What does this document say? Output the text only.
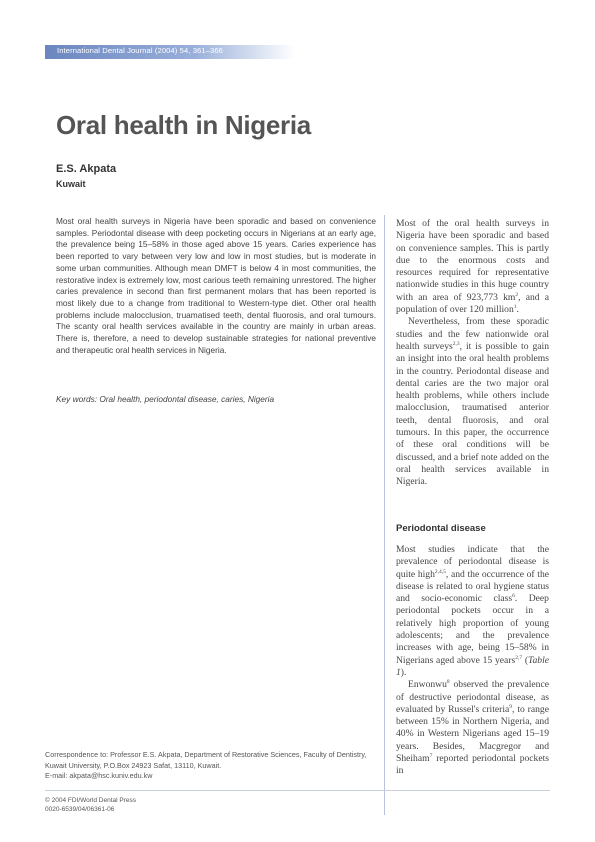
International Dental Journal (2004) 54, 361–366
Oral health in Nigeria
E.S. Akpata
Kuwait

Most oral health surveys in Nigeria have been sporadic and based on convenience samples. Periodontal disease with deep pocketing occurs in Nigerians at an early age, the prevalence being 15–58% in those aged above 15 years. Caries experience has been reported to vary between very low and low in most studies, but is moderate in some urban communities. Although mean DMFT is below 4 in most communities, the restorative index is extremely low, most carious teeth remaining unrestored. The higher caries prevalence in second than first permanent molars that has been reported is most likely due to a change from traditional to Western-type diet. Other oral health problems include malocclusion, truamatised teeth, dental fluorosis, and oral tumours. The scanty oral health services available in the country are mainly in urban areas. There is, therefore, a need to develop sustainable strategies for national preventive and therapeutic oral health services in Nigeria.

Key words: Oral health, periodontal disease, caries, Nigeria

Most of the oral health surveys in Nigeria have been sporadic and based on convenience samples. This is partly due to the enormous costs and resources required for representative nationwide studies in this huge country with an area of 923,773 $km^2$, and a population of over 120 million$^1$.

Nevertheless, from these sporadic studies and the few nationwide oral health surveys$^{2,3}$, it is possible to gain an insight into the oral health problems in the country. Periodontal disease and dental caries are the two major oral health problems, while others include malocclusion, traumatised anterior teeth, dental fluorosis, and oral tumours. In this paper, the occurrence of these oral conditions will be discussed, and a brief note added on the oral health services available in Nigeria.

Periodontal disease

Most studies indicate that the prevalence of periodontal disease is quite high$^{2,4,5}$, and the occurrence of the disease is related to oral hygiene status and socio-economic class$^6$. Deep periodontal pockets occur in a relatively high proportion of young adolescents; and the prevalence increases with age, being 15–58% in Nigerians aged above 15 years$^{2,7}$ (Table 1).

Enwonwu$^8$ observed the prevalence of destructive periodontal disease, as evaluated by Russel's criteria$^9$, to range between 15% in Northern Nigeria, and 40% in Western Nigerians aged 15–19 years. Besides, Macgregor and Sheiham$^7$ reported periodontal pockets in

Correspondence to: Professor E.S. Akpata, Department of Restorative Sciences, Faculty of Dentistry, Kuwait University, P.O.Box 24923 Safat, 13110, Kuwait.
E-mail: akpata@hsc.kuniv.edu.kw

© 2004 FDI/World Dental Press
0020-6539/04/06361-06
